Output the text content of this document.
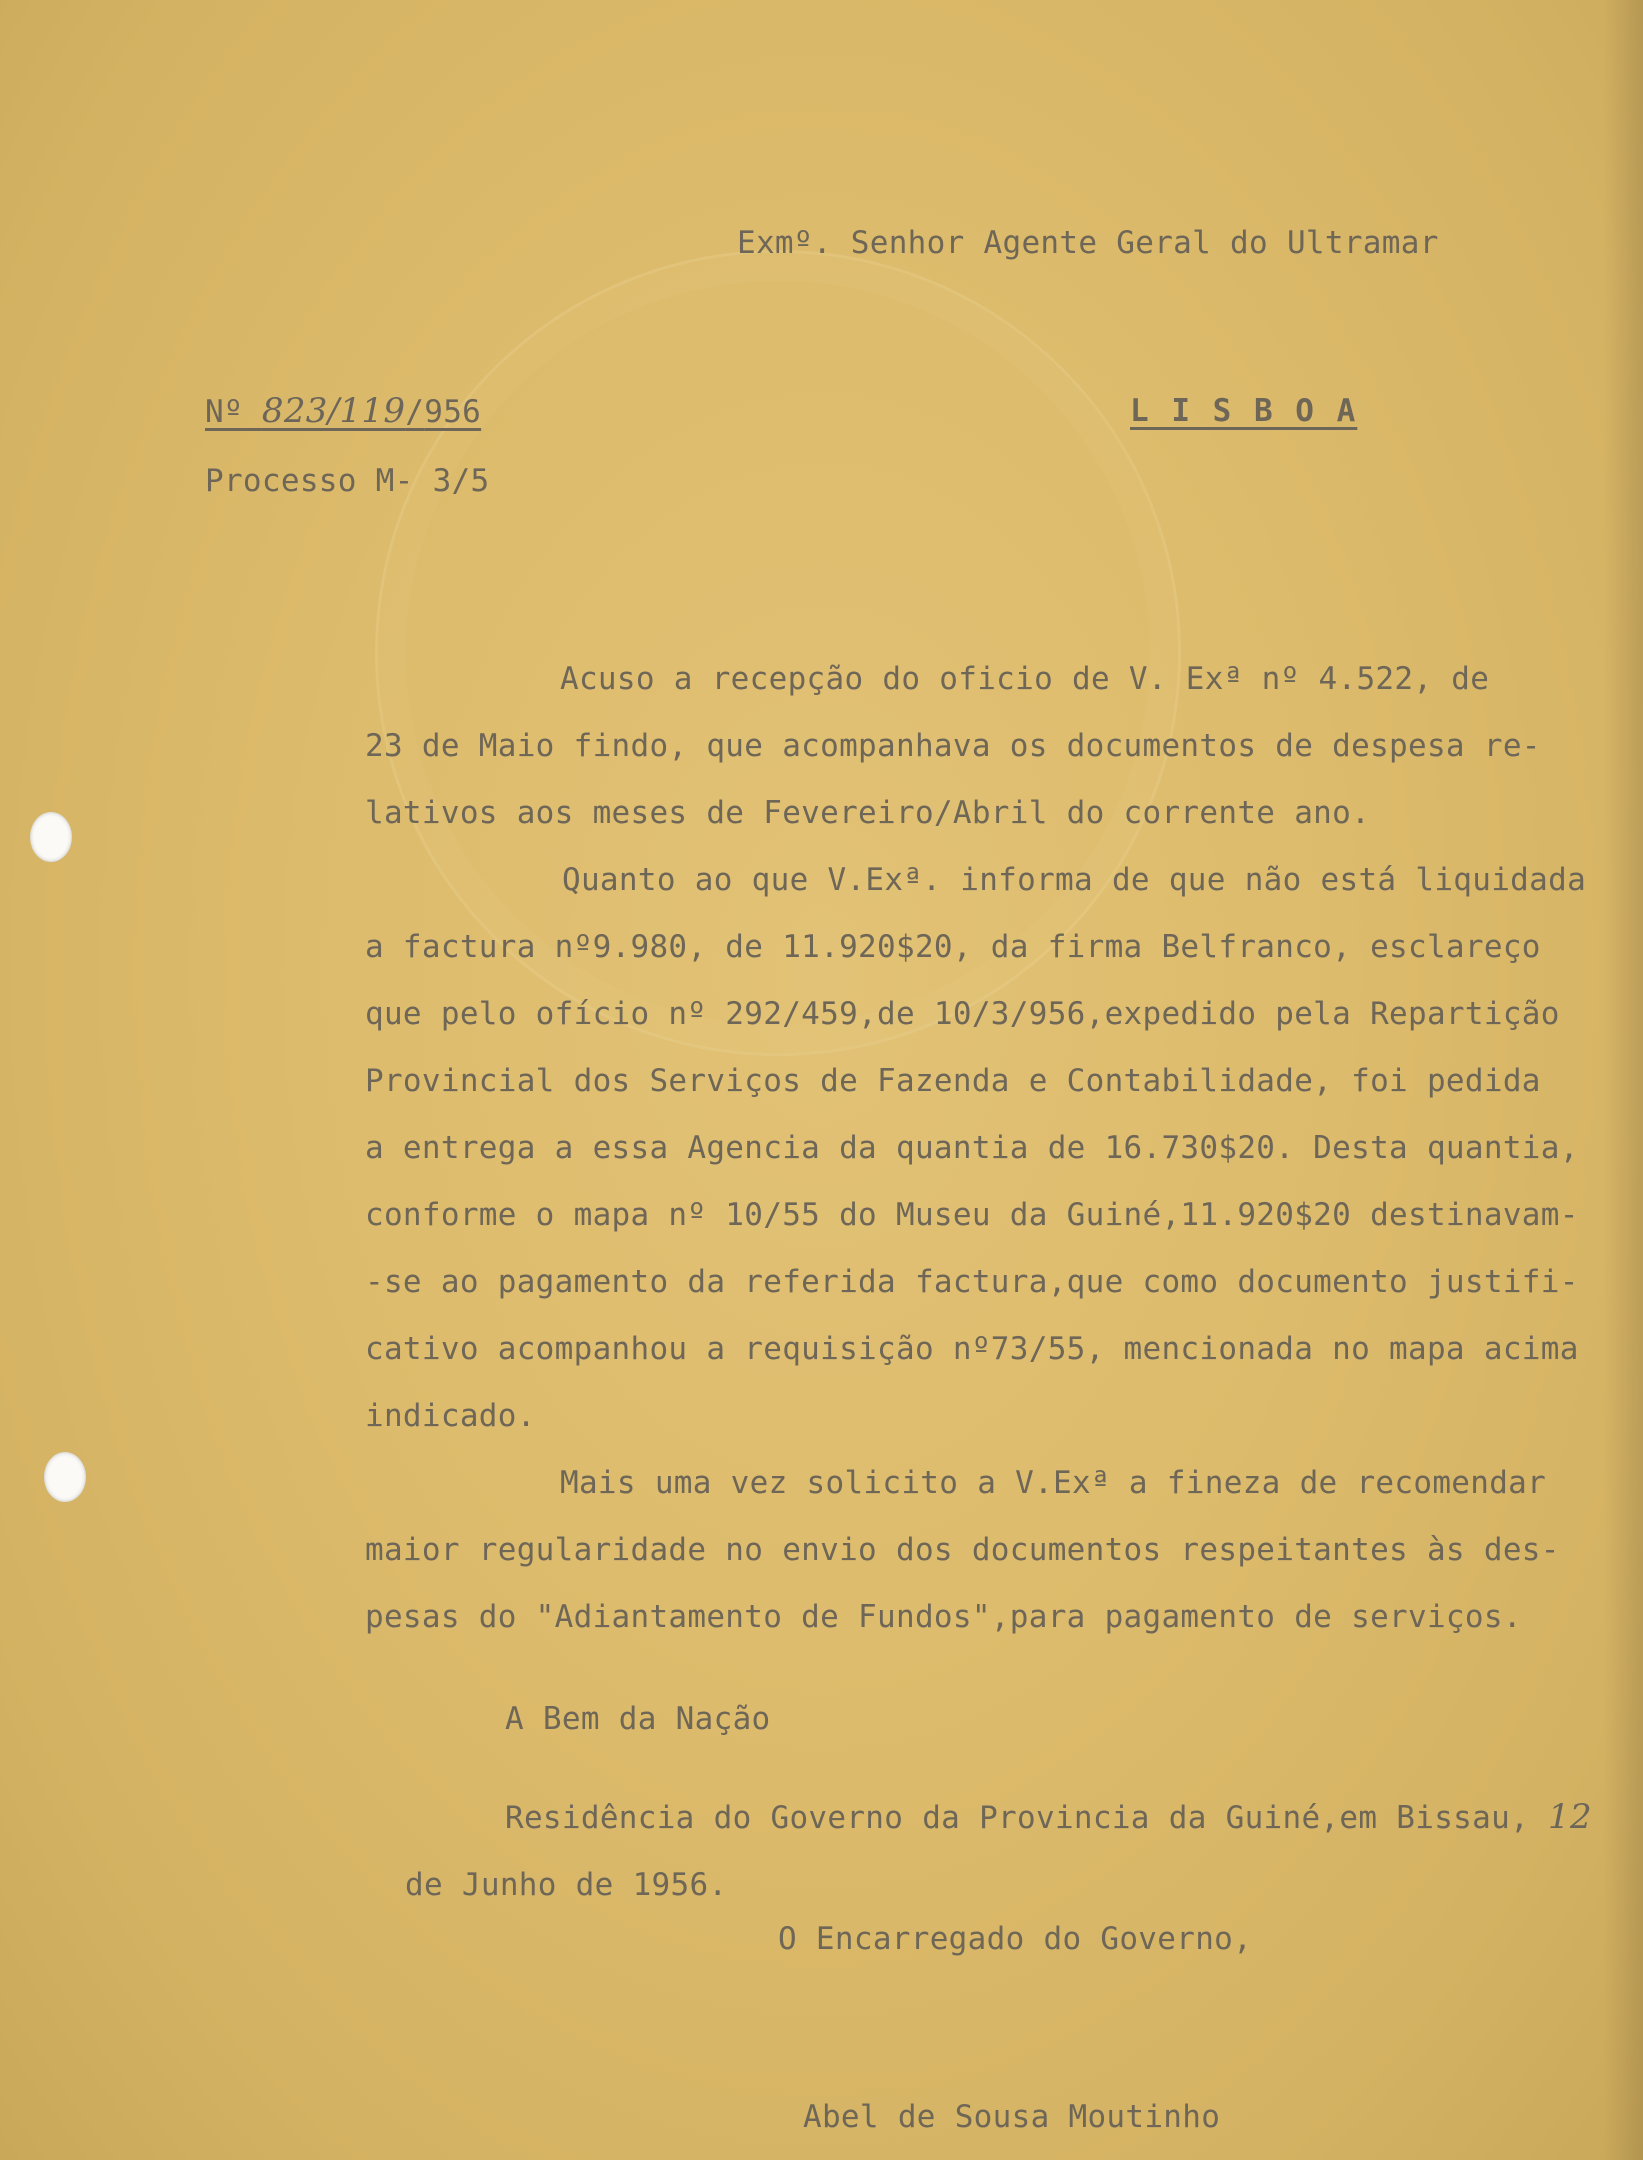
Exmº. Senhor Agente Geral do Ultramar
Nº 823/119/956	L I S B O A
Processo M- 3/5
Acuso a recepção do oficio de V. Exª nº 4.522, de
23 de Maio findo, que acompanhava os documentos de despesa re-
lativos aos meses de Fevereiro/Abril do corrente ano.
Quanto ao que V.Exª. informa de que não está liquidada
a factura nº9.980, de 11.920$20, da firma Belfranco, esclareço
que pelo ofício nº 292/459,de 10/3/956,expedido pela Repartição
Provincial dos Serviços de Fazenda e Contabilidade, foi pedida
a entrega a essa Agencia da quantia de 16.730$20. Desta quantia,
conforme o mapa nº 10/55 do Museu da Guiné,11.920$20 destinavam-
-se ao pagamento da referida factura,que como documento justifi-
cativo acompanhou a requisição nº73/55, mencionada no mapa acima
indicado.
Mais uma vez solicito a V.Exª a fineza de recomendar
maior regularidade no envio dos documentos respeitantes às des-
pesas do "Adiantamento de Fundos",para pagamento de serviços.
A Bem da Nação
Residência do Governo da Provincia da Guiné,em Bissau, 12
de Junho de 1956.
O Encarregado do Governo,
Abel de Sousa Moutinho
